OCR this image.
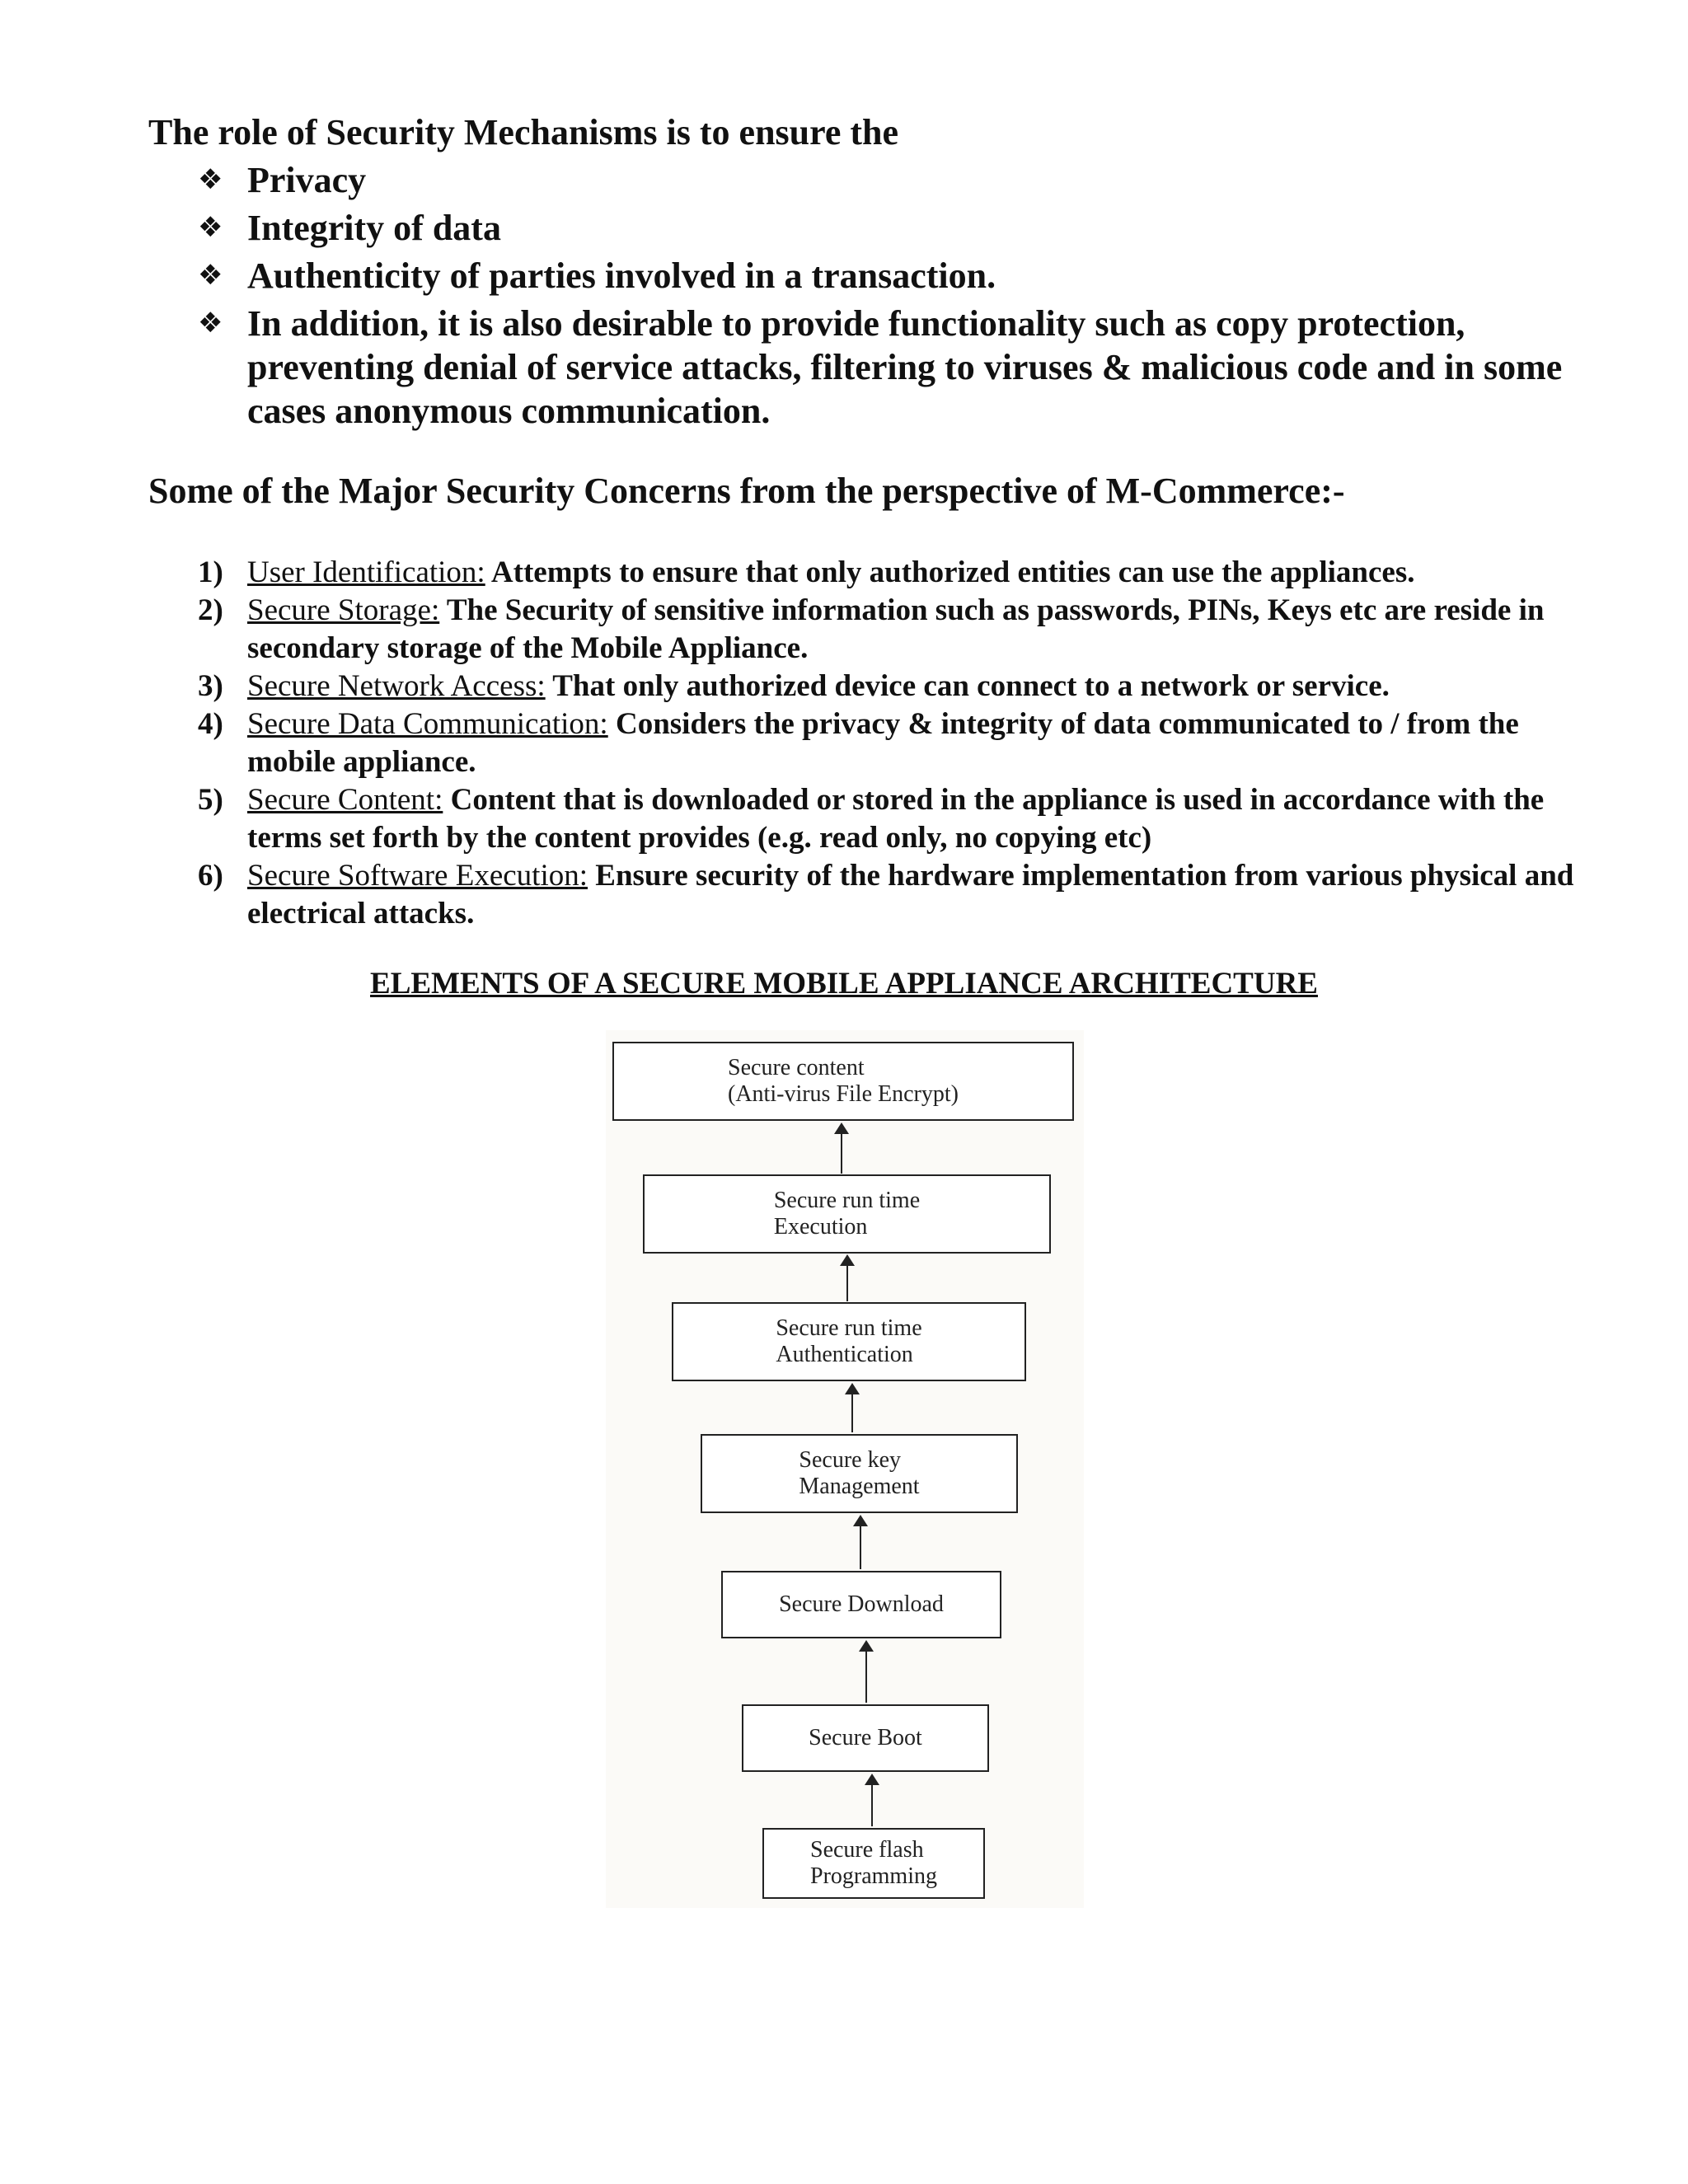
The role of Security Mechanisms is to ensure the
❖ Privacy
❖ Integrity of data
❖ Authenticity of parties involved in a transaction.
❖ In addition, it is also desirable to provide functionality such as copy protection, preventing denial of service attacks, filtering to viruses & malicious code and in some cases anonymous communication.
Some of the Major Security Concerns from the perspective of M-Commerce:-
1) User Identification: Attempts to ensure that only authorized entities can use the appliances.
2) Secure Storage: The Security of sensitive information such as passwords, PINs, Keys etc are reside in secondary storage of the Mobile Appliance.
3) Secure Network Access: That only authorized device can connect to a network or service.
4) Secure Data Communication: Considers the privacy & integrity of data communicated to / from the mobile appliance.
5) Secure Content: Content that is downloaded or stored in the appliance is used in accordance with the terms set forth by the content provides (e.g. read only, no copying etc)
6) Secure Software Execution: Ensure security of the hardware implementation from various physical and electrical attacks.
ELEMENTS OF A SECURE MOBILE APPLIANCE ARCHITECTURE
Secure content
(Anti-virus File Encrypt)
Secure run time
Execution
Secure run time
Authentication
Secure key
Management
Secure Download
Secure Boot
Secure flash
Programming
